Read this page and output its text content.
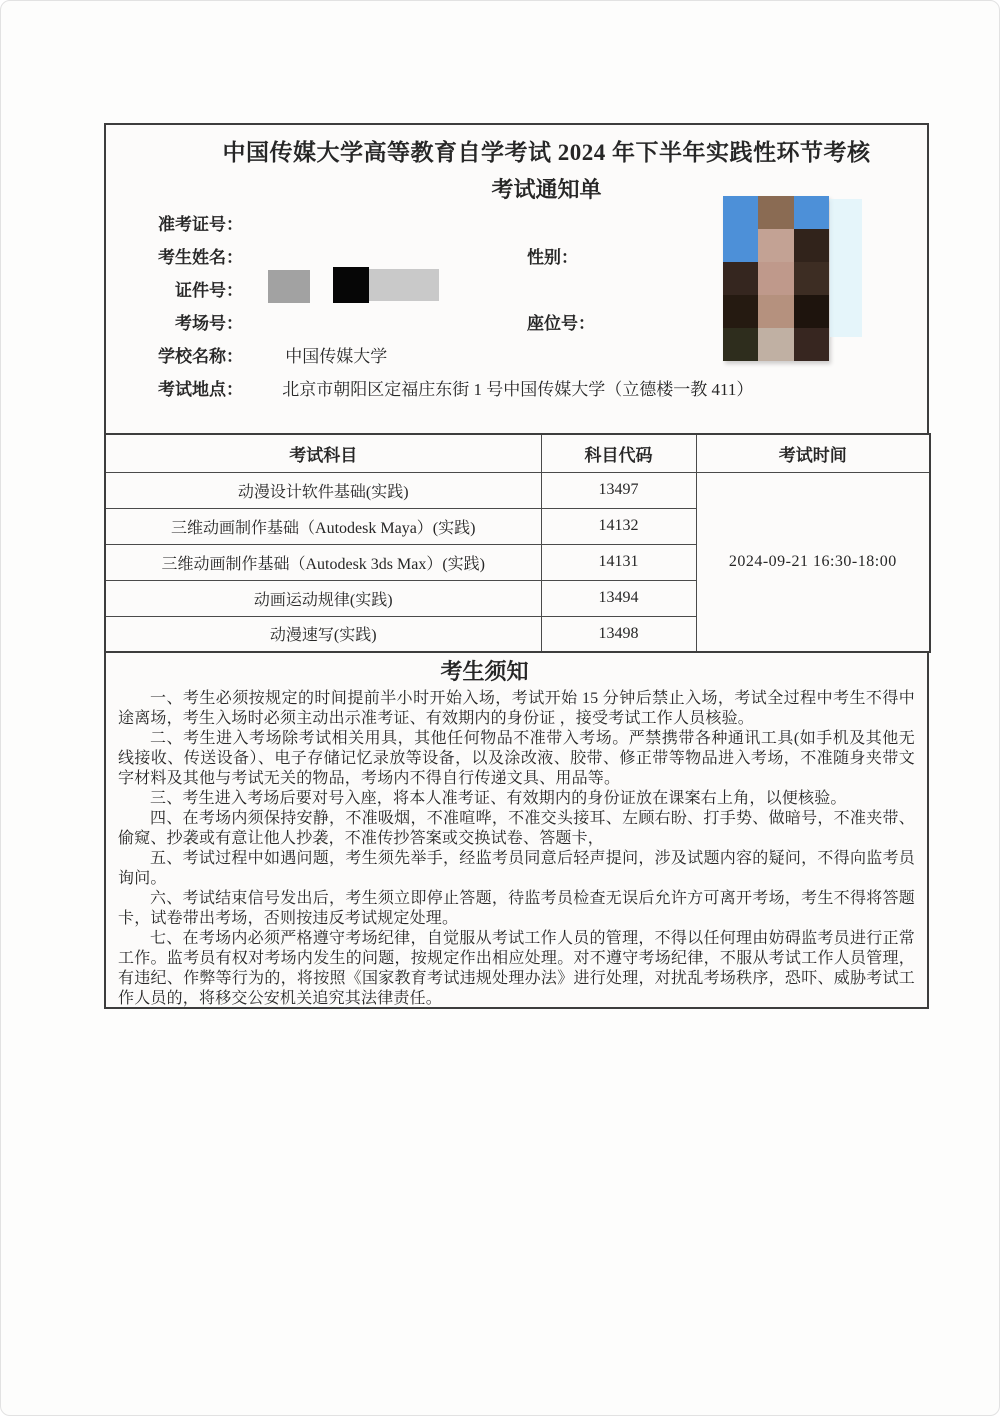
中国传媒大学高等教育自学考试 2024 年下半年实践性环节考核
考试通知单
准考证号：
考生姓名：	性别：
证件号：
考场号：	座位号：
学校名称： 中国传媒大学
考试地点： 北京市朝阳区定福庄东街 1 号中国传媒大学（立德楼一教 411）
考试科目	科目代码	考试时间
动漫设计软件基础(实践)	13497	2024-09-21 16:30-18:00
三维动画制作基础（Autodesk Maya）(实践)	14132	
三维动画制作基础（Autodesk 3ds Max）(实践)	14131	
动画运动规律(实践)	13494	
动漫速写(实践)	13498	
考生须知

一、考生必须按规定的时间提前半小时开始入场，考试开始 15 分钟后禁止入场，考试全过程中考生不得中途离场，考生入场时必须主动出示准考证、有效期内的身份证 ，接受考试工作人员核验。

二、考生进入考场除考试相关用具，其他任何物品不准带入考场。严禁携带各种通讯工具(如手机及其他无线接收、传送设备）、电子存储记忆录放等设备，以及涂改液、胶带、修正带等物品进入考场，不准随身夹带文字材料及其他与考试无关的物品，考场内不得自行传递文具、用品等。

三、考生进入考场后要对号入座，将本人准考证、有效期内的身份证放在课案右上角，以便核验。

四、在考场内须保持安静，不准吸烟，不准喧哗，不准交头接耳、左顾右盼、打手势、做暗号，不准夹带、偷窥、抄袭或有意让他人抄袭，不准传抄答案或交换试卷、答题卡，

五、考试过程中如遇问题，考生须先举手，经监考员同意后轻声提问，涉及试题内容的疑问，不得向监考员询问。

六、考试结束信号发出后，考生须立即停止答题，待监考员检查无误后允许方可离开考场，考生不得将答题卡，试卷带出考场，否则按违反考试规定处理。

七、在考场内必须严格遵守考场纪律，自觉服从考试工作人员的管理，不得以任何理由妨碍监考员进行正常工作。监考员有权对考场内发生的问题，按规定作出相应处理。对不遵守考场纪律，不服从考试工作人员管理，有违纪、作弊等行为的，将按照《国家教育考试违规处理办法》进行处理，对扰乱考场秩序，恐吓、威胁考试工作人员的，将移交公安机关追究其法律责任。
